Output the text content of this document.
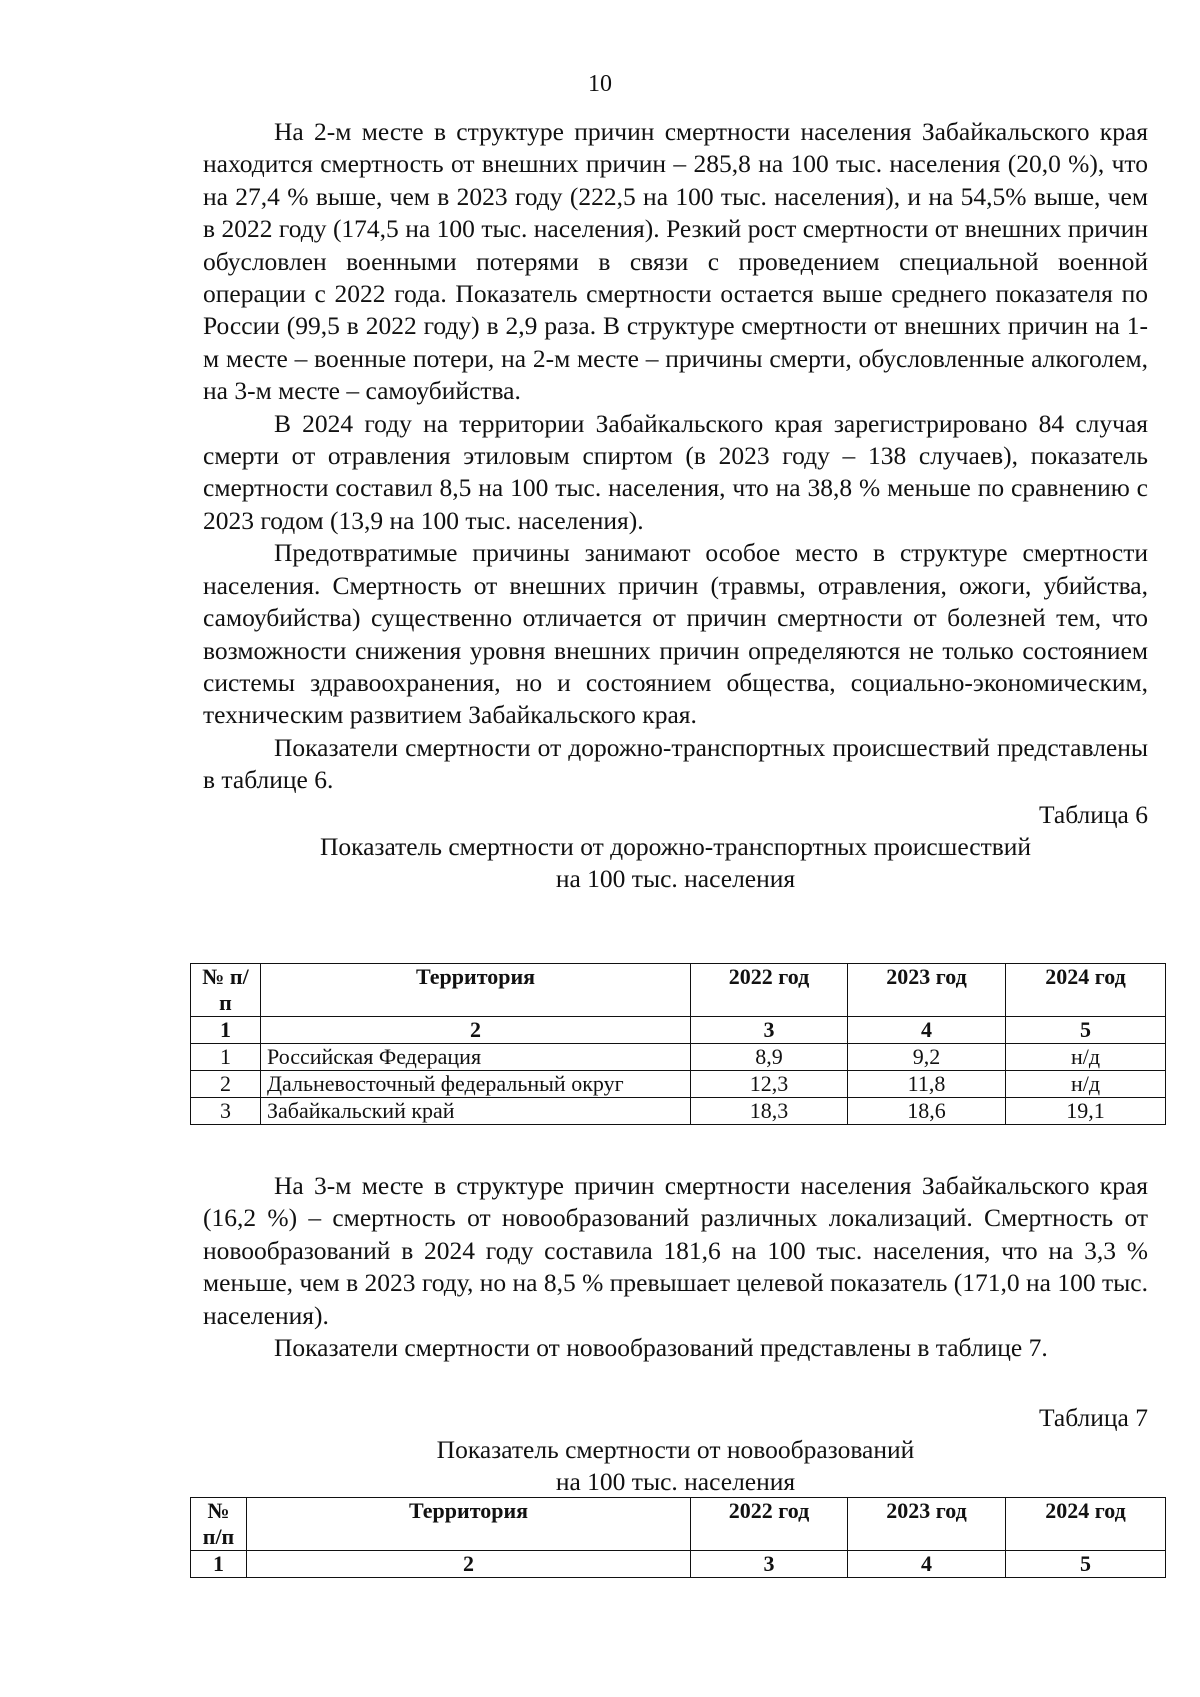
10

На 2-м месте в структуре причин смертности населения Забайкальского края находится смертность от внешних причин – 285,8 на 100 тыс. населения (20,0 %), что на 27,4 % выше, чем в 2023 году (222,5 на 100 тыс. населения), и на 54,5% выше, чем в 2022 году (174,5 на 100 тыс. населения). Резкий рост смертности от внешних причин обусловлен военными потерями в связи с проведением специальной военной операции с 2022 года. Показатель смертности остается выше среднего показателя по России (99,5 в 2022 году) в 2,9 раза. В структуре смертности от внешних причин на 1-м месте – военные потери, на 2-м месте – причины смерти, обусловленные алкоголем, на 3-м месте – самоубийства.

В 2024 году на территории Забайкальского края зарегистрировано 84 случая смерти от отравления этиловым спиртом (в 2023 году – 138 случаев), показатель смертности составил 8,5 на 100 тыс. населения, что на 38,8 % меньше по сравнению с 2023 годом (13,9 на 100 тыс. населения).

Предотвратимые причины занимают особое место в структуре смертности населения. Смертность от внешних причин (травмы, отравления, ожоги, убийства, самоубийства) существенно отличается от причин смертности от болезней тем, что возможности снижения уровня внешних причин определяются не только состоянием системы здравоохранения, но и состоянием общества, социально-экономическим, техническим развитием Забайкальского края.

Показатели смертности от дорожно-транспортных происшествий представлены в таблице 6.

Таблица 6
Показатель смертности от дорожно-транспортных происшествий
на 100 тыс. населения
№ п/п	Территория	2022 год	2023 год	2024 год
1	2	3	4	5
1	Российская Федерация	8,9	9,2	н/д
2	Дальневосточный федеральный округ	12,3	11,8	н/д
3	Забайкальский край	18,3	18,6	19,1

На 3-м месте в структуре причин смертности населения Забайкальского края (16,2 %) – смертность от новообразований различных локализаций. Смертность от новообразований в 2024 году составила 181,6 на 100 тыс. населения, что на 3,3 % меньше, чем в 2023 году, но на 8,5 % превышает целевой показатель (171,0 на 100 тыс. населения).

Показатели смертности от новообразований представлены в таблице 7.

Таблица 7
Показатель смертности от новообразований
на 100 тыс. населения
№ п/п	Территория	2022 год	2023 год	2024 год
1	2	3	4	5
